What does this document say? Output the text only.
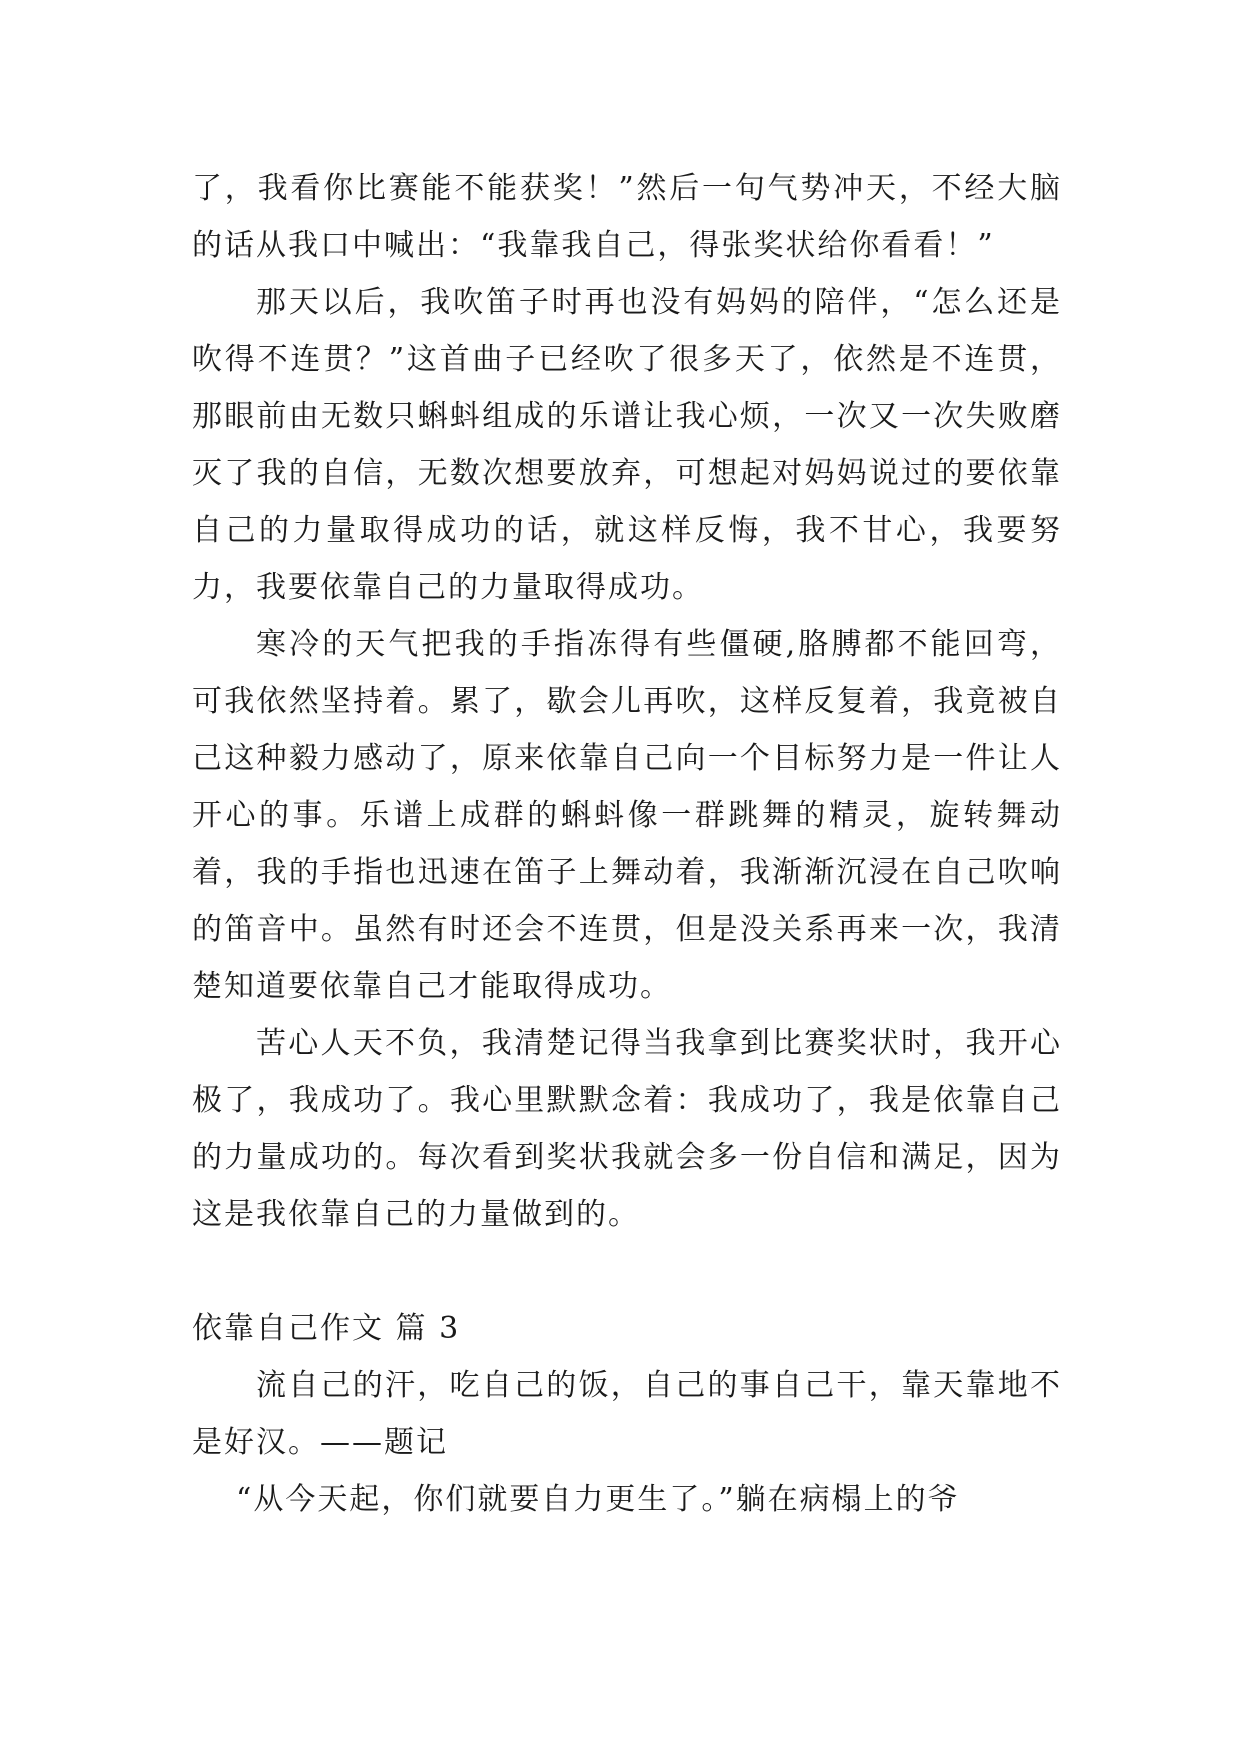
了，我看你比赛能不能获奖！”然后一句气势冲天，不经大脑的话从我口中喊出：“我靠我自己，得张奖状给你看看！”

那天以后，我吹笛子时再也没有妈妈的陪伴，“怎么还是吹得不连贯？”这首曲子已经吹了很多天了，依然是不连贯，那眼前由无数只蝌蚪组成的乐谱让我心烦，一次又一次失败磨灭了我的自信，无数次想要放弃，可想起对妈妈说过的要依靠自己的力量取得成功的话，就这样反悔，我不甘心，我要努力，我要依靠自己的力量取得成功。

寒冷的天气把我的手指冻得有些僵硬,胳膊都不能回弯，可我依然坚持着。累了，歇会儿再吹，这样反复着，我竟被自己这种毅力感动了，原来依靠自己向一个目标努力是一件让人开心的事。乐谱上成群的蝌蚪像一群跳舞的精灵，旋转舞动着，我的手指也迅速在笛子上舞动着，我渐渐沉浸在自己吹响的笛音中。虽然有时还会不连贯，但是没关系再来一次，我清楚知道要依靠自己才能取得成功。

苦心人天不负，我清楚记得当我拿到比赛奖状时，我开心极了，我成功了。我心里默默念着：我成功了，我是依靠自己的力量成功的。每次看到奖状我就会多一份自信和满足，因为这是我依靠自己的力量做到的。

依靠自己作文 篇 3

流自己的汗，吃自己的饭，自己的事自己干，靠天靠地不是好汉。——题记

“从今天起，你们就要自力更生了。”躺在病榻上的爷
